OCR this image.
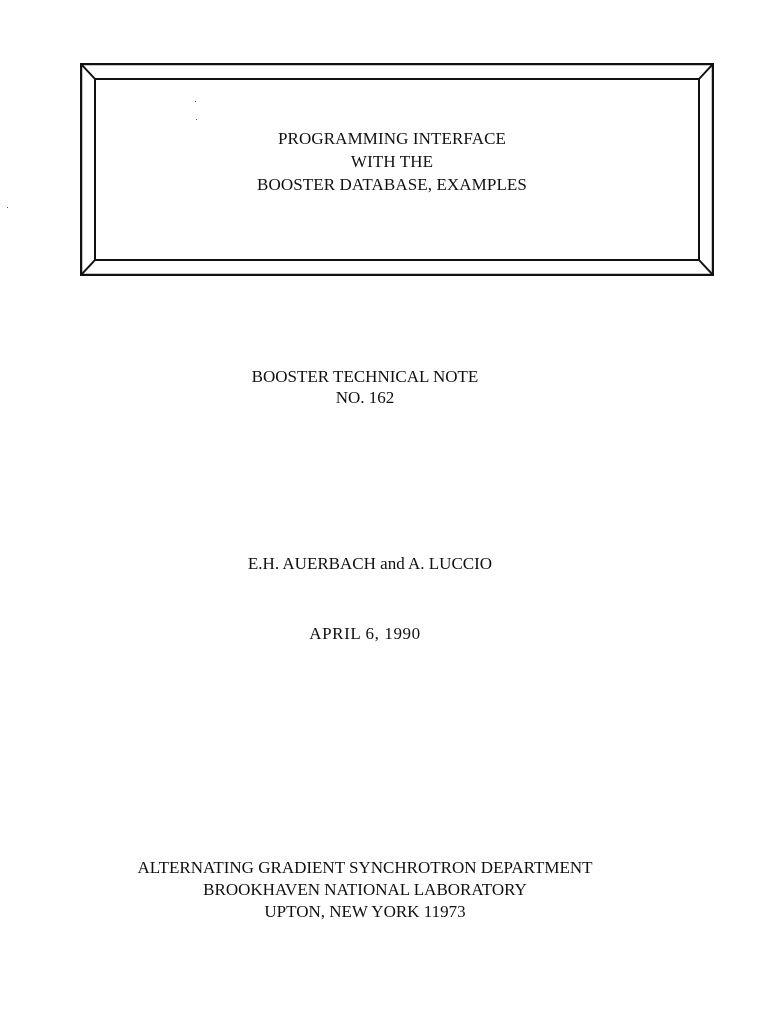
PROGRAMMING INTERFACE
WITH THE
BOOSTER DATABASE, EXAMPLES
BOOSTER TECHNICAL NOTE
NO. 162
E.H. AUERBACH and A. LUCCIO
APRIL 6, 1990
ALTERNATING GRADIENT SYNCHROTRON DEPARTMENT
BROOKHAVEN NATIONAL LABORATORY
UPTON, NEW YORK 11973
